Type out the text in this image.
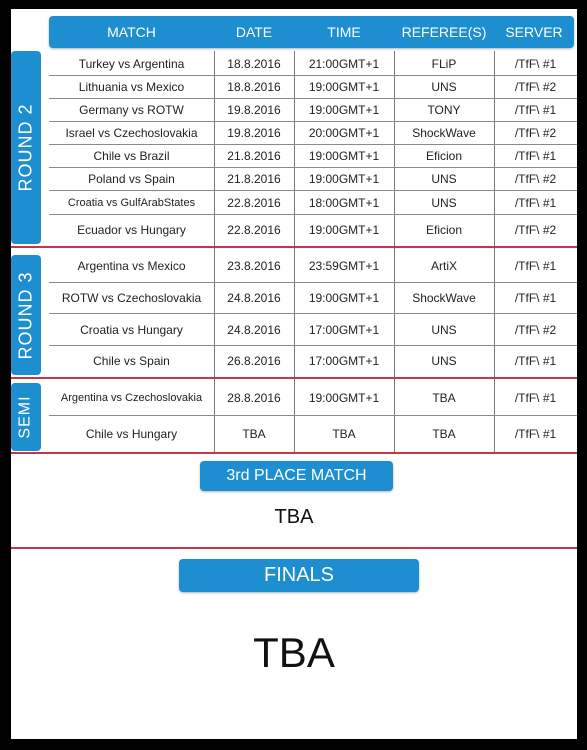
MATCH	DATE	TIME	REFEREE(S)	SERVER
ROUND 2
ROUND 3
SEMI
Turkey vs Argentina	18.8.2016	21:00GMT+1	FLiP	/TfF\ #1
Lithuania vs Mexico	18.8.2016	19:00GMT+1	UNS	/TfF\ #2
Germany vs ROTW	19.8.2016	19:00GMT+1	TONY	/TfF\ #1
Israel vs Czechoslovakia	19.8.2016	20:00GMT+1	ShockWave	/TfF\ #2
Chile vs Brazil	21.8.2016	19:00GMT+1	Eficion	/TfF\ #1
Poland vs Spain	21.8.2016	19:00GMT+1	UNS	/TfF\ #2
Croatia vs GulfArabStates	22.8.2016	18:00GMT+1	UNS	/TfF\ #1
Ecuador vs Hungary	22.8.2016	19:00GMT+1	Eficion	/TfF\ #2
Argentina vs Mexico	23.8.2016	23:59GMT+1	ArtiX	/TfF\ #1
ROTW vs Czechoslovakia	24.8.2016	19:00GMT+1	ShockWave	/TfF\ #1
Croatia vs Hungary	24.8.2016	17:00GMT+1	UNS	/TfF\ #2
Chile vs Spain	26.8.2016	17:00GMT+1	UNS	/TfF\ #1
Argentina vs Czechoslovakia	28.8.2016	19:00GMT+1	TBA	/TfF\ #1
Chile vs Hungary	TBA	TBA	TBA	/TfF\ #1
3rd PLACE MATCH
TBA
FINALS
TBA
